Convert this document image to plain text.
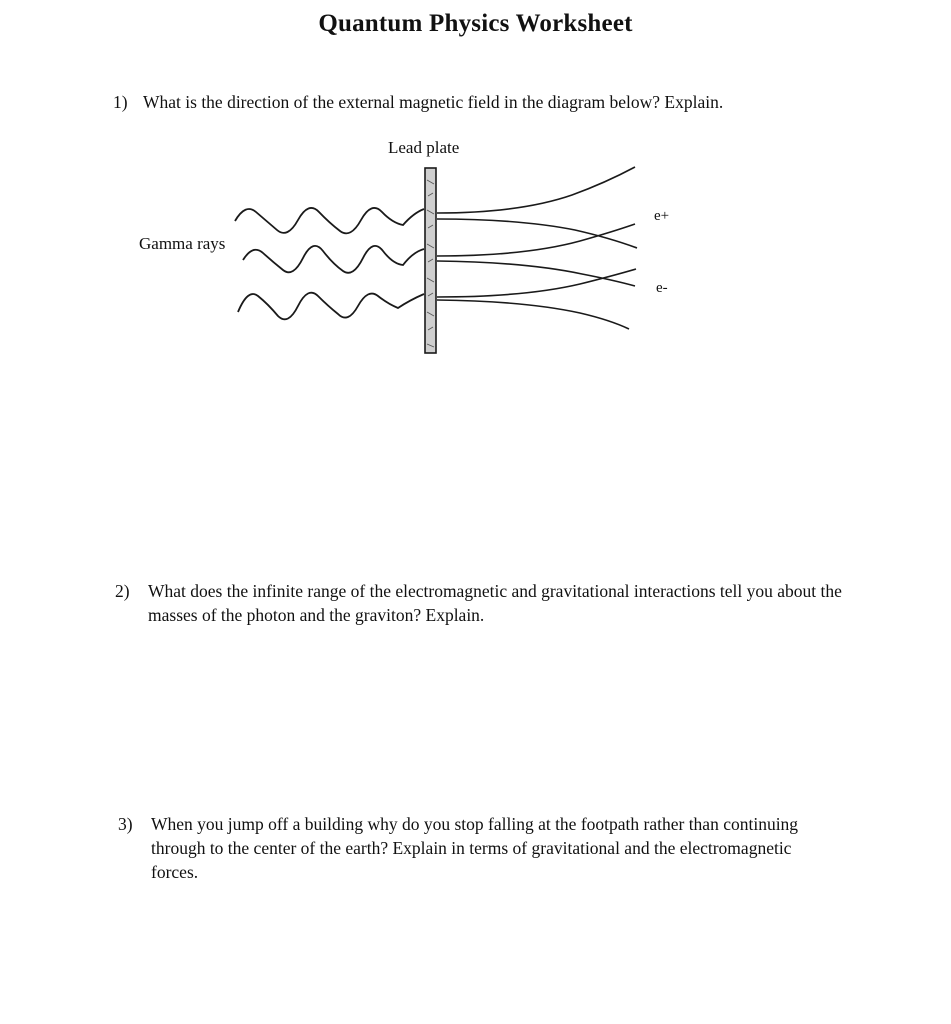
Quantum Physics Worksheet
1) What is the direction of the external magnetic field in the diagram below? Explain.
Lead plate
Gamma rays
e+
e-
2) What does the infinite range of the electromagnetic and gravitational interactions tell you about the masses of the photon and the graviton? Explain.
3) When you jump off a building why do you stop falling at the footpath rather than continuing through to the center of the earth? Explain in terms of gravitational and the electromagnetic forces.
